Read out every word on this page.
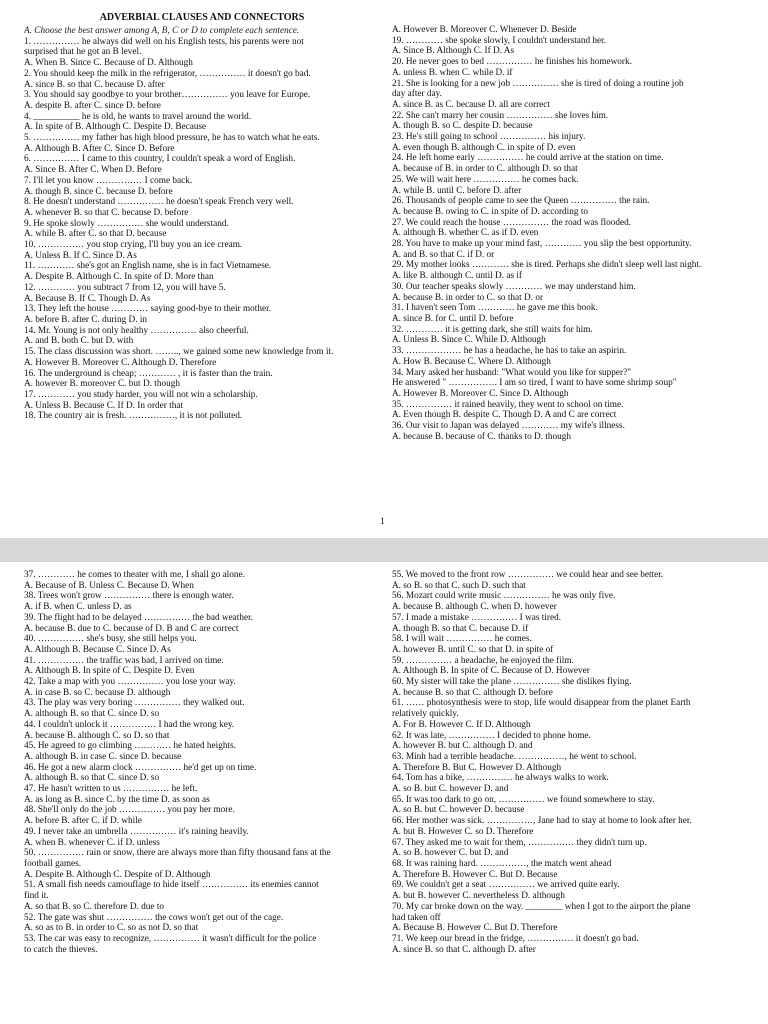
ADVERBIAL CLAUSES AND CONNECTORS
A. Choose the best answer among A, B, C or D to complete each sentence.
1. …………… he always did well on his English tests, his parents were not
surprised that he got an B level.
A. When B. Since C. Because of D. Although
2. You should keep the milk in the refrigerator, …………… it doesn't go bad.
A. since B. so that C. because D. after
3. You should say goodbye to your brother…………… you leave for Europe.
A. despite B. after C. since D. before
4. __________ he is old, he wants to travel around the world.
A. In spite of B. Although C. Despite D. Because
5. …………… my father has high blood pressure, he has to watch what he eats.
A. Although B. After C. Since D. Before
6. …………… I came to this country, I couldn't speak a word of English.
A. Since B. After C. When D. Before
7. I'll let you know …………… I come back.
A. though B. since C. because D. before
8. He doesn't understand …………… he doesn't speak French very well.
A. whenever B. so that C. because D. before
9. He spoke slowly …………… she would understand.
A. while B. after C. so that D. because
10. …………… you stop crying, I'll buy you an ice cream.
A. Unless B. If C. Since D. As
11. ………… she's got an English name, she is in fact Vietnamese.
A. Despite B. Although C. In spite of D. More than
12. ………… you subtract 7 from 12, you will have 5.
A. Because B. If C. Though D. As
13. They left the house ………… saying good-bye to their mother.
A. before B. after C. during D. in
14. Mr. Young is not only healthy …………… also cheerful.
A. and B. both C. but D. with
15. The class discussion was short. …….., we gained some new knowledge from it.
A. However B. Moreover C. Although D. Therefore
16. The underground is cheap; ………… , it is faster than the train.
A. however B. moreover C. but D. though
17. ………… you study harder, you will not win a scholarship.
A. Unless B. Because C. If D. In order that
18. The country air is fresh. ……………, it is not polluted.
A. However B. Moreover C. Whenever D. Beside
19. ………… she spoke slowly, I couldn't understand her.
A. Since B. Although C. If D. As
20. He never goes to bed …………… he finishes his homework.
A. unless B. when C. while D. if
21. She is looking for a new job …………… she is tired of doing a routine job
day after day.
A. since B. as C. because D. all are correct
22. She can't marry her cousin …………… she loves him.
A. though B. so C. despite D. because
23. He's still going to school …………… his injury.
A. even though B. although C. in spite of D. even
24. He left home early …………… he could arrive at the station on time.
A. because of B. in order to C. although D. so that
25. We will wait here …………… he comes back.
A. while B. until C. before D. after
26. Thousands of people came to see the Queen …………… the rain.
A. because B. owing to C. in spite of D. according to
27. We could reach the house …………… the road was flooded.
A. although B. whether C. as if D. even
28. You have to make up your mind fast, ………… you slip the best opportunity.
A. and B. so that C. if D. or
29. My mother looks ………… she is tired. Perhaps she didn't sleep well last night.
A. like B. although C. until D. as if
30. Our teacher speaks slowly ………… we may understand him.
A. because B. in order to C. so that D. or
31. I haven't seen Tom ………… he gave me this book.
A. since B. for C. until D. before
32. ………… it is getting dark, she still waits for him.
A. Unless B. Since C. While D. Although
33. ……………… he has a headache, he has to take an aspirin.
A. How B. Because C. Where D. Although
34. Mary asked her husband: "What would you like for supper?"
He answered " ……………. I am so tired, I want to have some shrimp soup"
A. However B. Moreover C. Since D. Although
35. …………… it rained heavily, they went to school on time.
A. Even though B. despite C. Though D. A and C are correct
36. Our visit to Japan was delayed ………… my wife's illness.
A. because B. because of C. thanks to D. though
1
37. ………… he comes to theater with me, I shall go alone.
A. Because of B. Unless C. Because D. When
38. Trees won't grow …………… there is enough water.
A. if B. when C. unless D. as
39. The flight had to be delayed …………… the bad weather.
A. because B. due to C. because of D. B and C are correct
40. …………… she's busy, she still helps you.
A. Although B. Because C. Since D. As
41. …………… the traffic was bad, I arrived on time.
A. Although B. In spite of C. Despite D. Even
42. Take a map with you …………… you lose your way.
A. in case B. so C. because D. although
43. The play was very boring …………… they walked out.
A. although B. so that C. since D. so
44. I couldn't unlock it …………… I had the wrong key.
A. because B. although C. so D. so that
45. He agreed to go climbing ………… he hated heights.
A. although B. in case C. since D. because
46. He got a new alarm clock …………… he'd get up on time.
A. although B. so that C. since D. so
47. He hasn't written to us …………… he left.
A. as long as B. since C. by the time D. as soon as
48. She'll only do the job …………… you pay her more.
A. before B. after C. if D. while
49. I never take an umbrella …………… it's raining heavily.
A. when B. whenever C. if D. unless
50. …………… rain or snow, there are always more than fifty thousand fans at the
football games.
A. Despite B. Although C. Despite of D. Although
51. A small fish needs camouflage to hide itself …………… its enemies cannot
find it.
A. so that B. so C. therefore D. due to
52. The gate was shut …………… the cows won't get out of the cage.
A. so as to B. in order to C. so as not D. so that
53. The car was easy to recognize, …………… it wasn't difficult for the police
to catch the thieves.
55. We moved to the front row …………… we could hear and see better.
A. so B. so that C. such D. such that
56. Mozart could write music …………… he was only five.
A. because B. although C. when D. however
57. I made a mistake …………… I was tired.
A. though B. so that C. because D. if
58. I will wait …………… he comes.
A. however B. until C. so that D. in spite of
59. …………… a headache, he enjoyed the film.
A. Although B. In spite of C. Because of D. However
60. My sister will take the plane …………… she dislikes flying.
A. because B. so that C. although D. before
61. …… photosynthesis were to stop, life would disappear from the planet Earth
relatively quickly.
A. For B. However C. If D. Although
62. It was late, …………… I decided to phone home.
A. however B. but C. although D. and
63. Minh had a terrible headache. ……………, he went to school.
A. Therefore B. But C. However D. Although
64. Tom has a bike, …………… he always walks to work.
A. so B. but C. however D. and
65. It was too dark to go on, …………… we found somewhere to stay.
A. so B. but C. however D. because
66. Her mother was sick. ……………, Jane had to stay at home to look after her.
A. but B. However C. so D. Therefore
67. They asked me to wait for them, …………… they didn't turn up.
A. so B. however C. but D. and
68. It was raining hard. ……………, the match went ahead
A. Therefore B. However C. But D. Because
69. We couldn't get a seat …………… we arrived quite early.
A. but B. however C. nevertheless D. although
70. My car broke down on the way. ________ when I got to the airport the plane
had taken off
A. Because B. However C. But D. Therefore
71. We keep our bread in the fridge, …………… it doesn't go bad.
A. since B. so that C. although D. after
